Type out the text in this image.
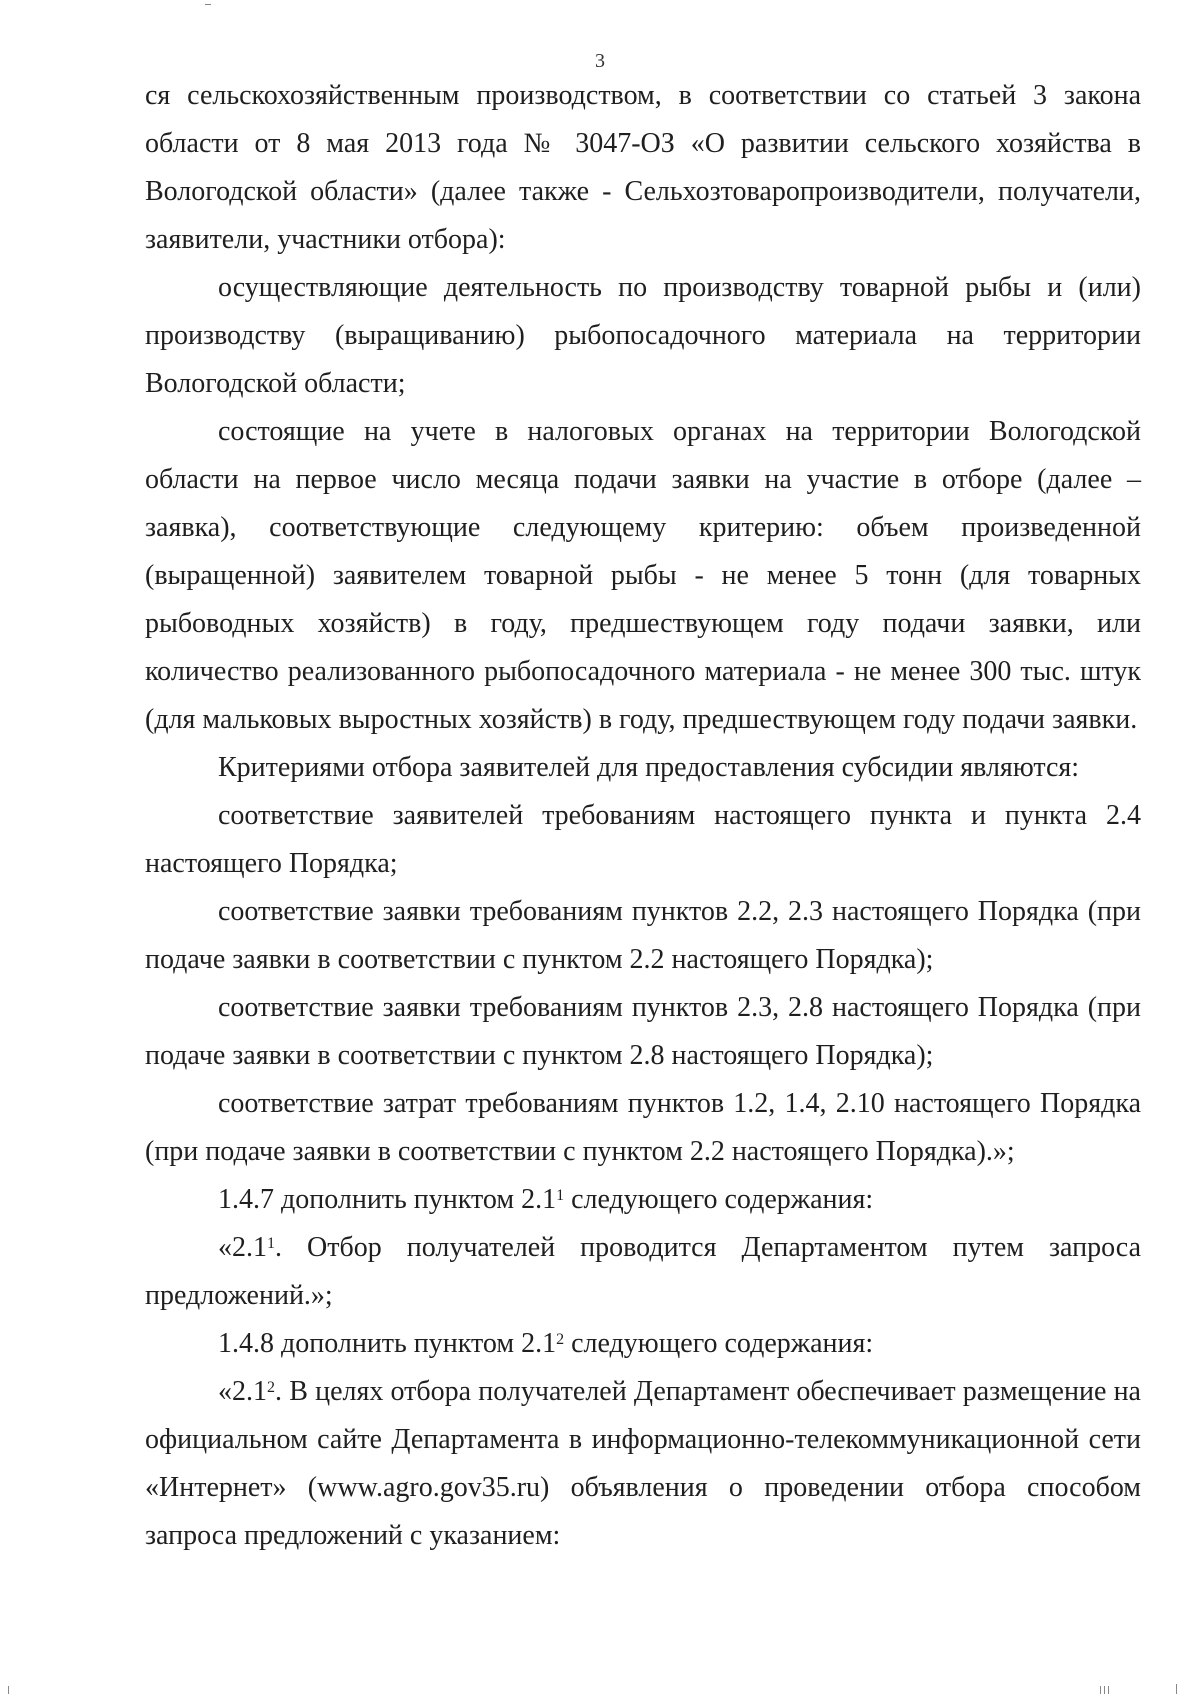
3

ся сельскохозяйственным производством, в соответствии со статьей 3 закона области от 8 мая 2013 года № 3047-ОЗ «О развитии сельского хозяйства в Вологодской области» (далее также - Сельхозтоваропроизводители, получатели, заявители, участники отбора):

осуществляющие деятельность по производству товарной рыбы и (или) производству (выращиванию) рыбопосадочного материала на территории Вологодской области;

состоящие на учете в налоговых органах на территории Вологодской области на первое число месяца подачи заявки на участие в отборе (далее – заявка), соответствующие следующему критерию: объем произведенной (выращенной) заявителем товарной рыбы - не менее 5 тонн (для товарных рыбоводных хозяйств) в году, предшествующем году подачи заявки, или количество реализованного рыбопосадочного материала - не менее 300 тыс. штук (для мальковых выростных хозяйств) в году, предшествующем году подачи заявки.

Критериями отбора заявителей для предоставления субсидии являются:

соответствие заявителей требованиям настоящего пункта и пункта 2.4 настоящего Порядка;

соответствие заявки требованиям пунктов 2.2, 2.3 настоящего Порядка (при подаче заявки в соответствии с пунктом 2.2 настоящего Порядка);

соответствие заявки требованиям пунктов 2.3, 2.8 настоящего Порядка (при подаче заявки в соответствии с пунктом 2.8 настоящего Порядка);

соответствие затрат требованиям пунктов 1.2, 1.4, 2.10 настоящего Порядка (при подаче заявки в соответствии с пунктом 2.2 настоящего Порядка).»;

1.4.7 дополнить пунктом $2.1^1$ следующего содержания:

«$2.1^1$. Отбор получателей проводится Департаментом путем запроса предложений.»;

1.4.8 дополнить пунктом $2.1^2$ следующего содержания:

«$2.1^2$. В целях отбора получателей Департамент обеспечивает размещение на официальном сайте Департамента в информационно-телекоммуникационной сети «Интернет» (www.agro.gov35.ru) объявления о проведении отбора способом запроса предложений с указанием:
